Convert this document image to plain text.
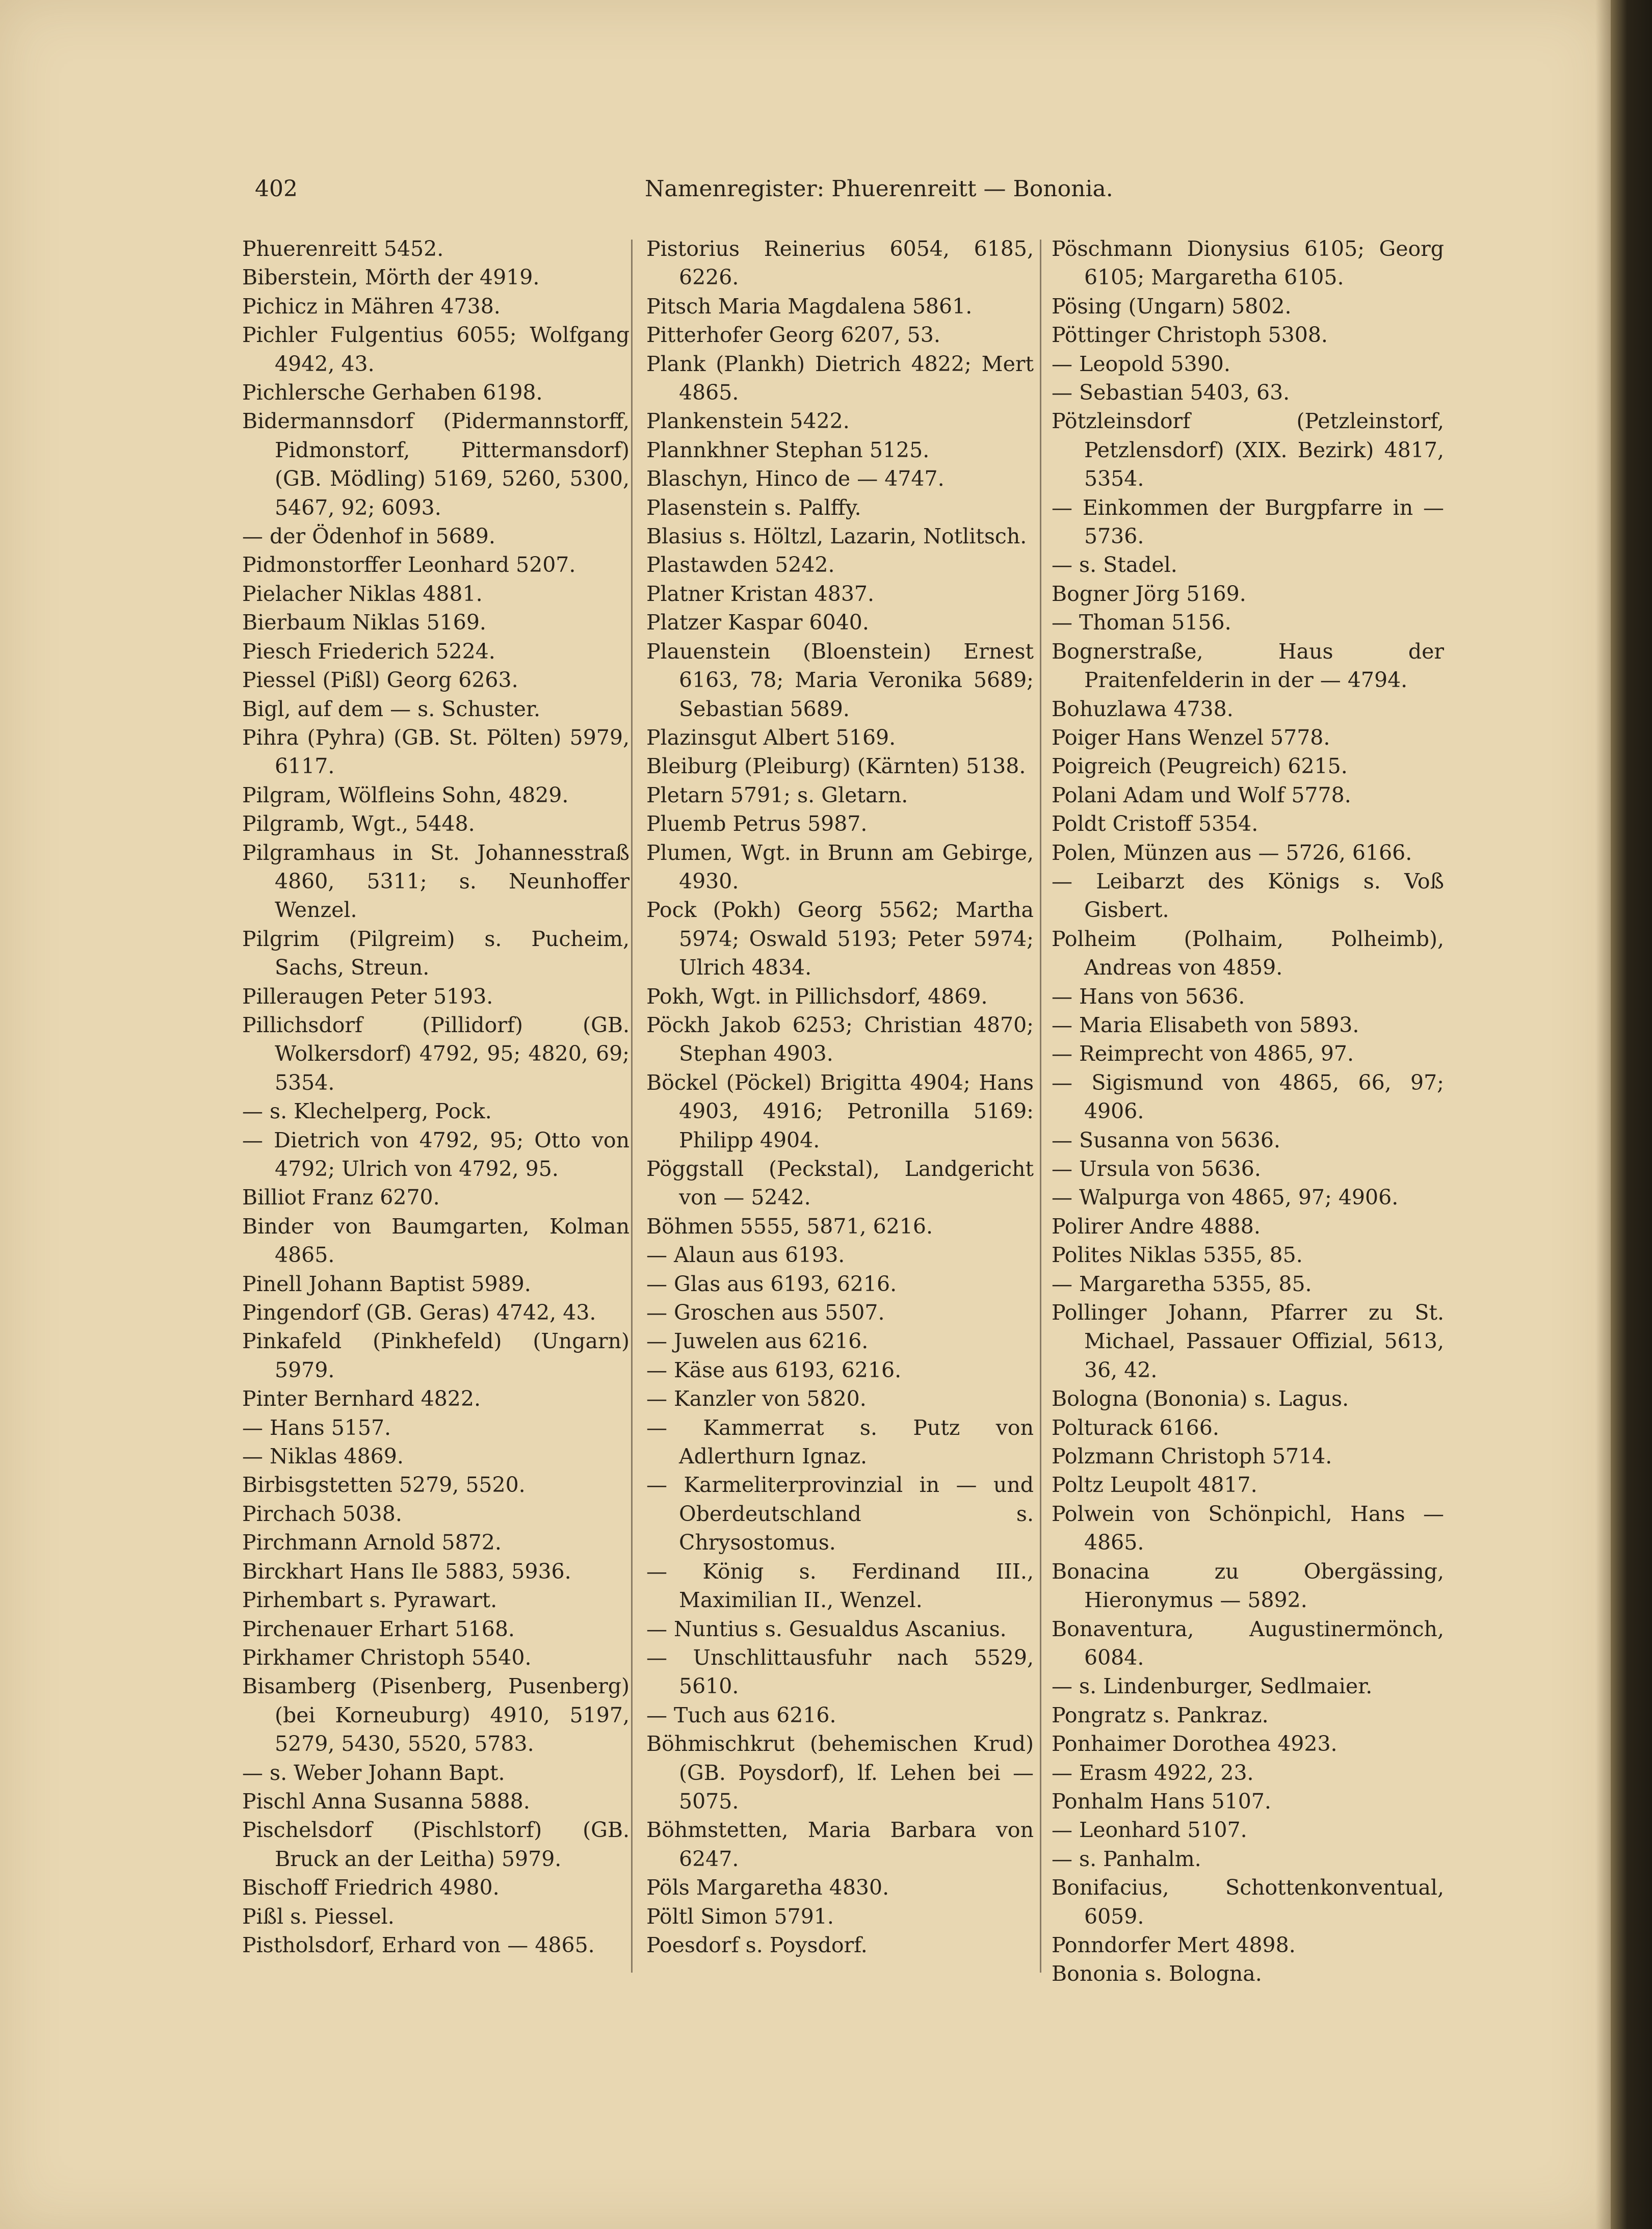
402	Namenregister: Phuerenreitt — Bononia.

Phuerenreitt 5452.

Biberstein, Mörth der 4919.

Pichicz in Mähren 4738.

Pichler Fulgentius 6055; Wolfgang 4942, 43.

Pichlersche Gerhaben 6198.

Bidermannsdorf (Pidermannstorff, Pidmonstorf, Pittermansdorf) (GB. Mödling) 5169, 5260, 5300, 5467, 92; 6093.

— der Ödenhof in 5689.

Pidmonstorffer Leonhard 5207.

Pielacher Niklas 4881.

Bierbaum Niklas 5169.

Piesch Friederich 5224.

Piessel (Pißl) Georg 6263.

Bigl, auf dem — s. Schuster.

Pihra (Pyhra) (GB. St. Pölten) 5979, 6117.

Pilgram, Wölfleins Sohn, 4829.

Pilgramb, Wgt., 5448.

Pilgramhaus in St. Johannesstraß 4860, 5311; s. Neunhoffer Wenzel.

Pilgrim (Pilgreim) s. Pucheim, Sachs, Streun.

Pilleraugen Peter 5193.

Pillichsdorf (Pillidorf) (GB. Wolkersdorf) 4792, 95; 4820, 69; 5354.

— s. Klechelperg, Pock.

— Dietrich von 4792, 95; Otto von 4792; Ulrich von 4792, 95.

Billiot Franz 6270.

Binder von Baumgarten, Kolman 4865.

Pinell Johann Baptist 5989.

Pingendorf (GB. Geras) 4742, 43.

Pinkafeld (Pinkhefeld) (Ungarn) 5979.

Pinter Bernhard 4822.

— Hans 5157.

— Niklas 4869.

Birbisgstetten 5279, 5520.

Pirchach 5038.

Pirchmann Arnold 5872.

Birckhart Hans Ile 5883, 5936.

Pirhembart s. Pyrawart.

Pirchenauer Erhart 5168.

Pirkhamer Christoph 5540.

Bisamberg (Pisenberg, Pusenberg) (bei Korneuburg) 4910, 5197, 5279, 5430, 5520, 5783.

— s. Weber Johann Bapt.

Pischl Anna Susanna 5888.

Pischelsdorf (Pischlstorf) (GB. Bruck an der Leitha) 5979.

Bischoff Friedrich 4980.

Pißl s. Piessel.

Pistholsdorf, Erhard von — 4865.

Pistorius Reinerius 6054, 6185, 6226.

Pitsch Maria Magdalena 5861.

Pitterhofer Georg 6207, 53.

Plank (Plankh) Dietrich 4822; Mert 4865.

Plankenstein 5422.

Plannkhner Stephan 5125.

Blaschyn, Hinco de — 4747.

Plasenstein s. Palffy.

Blasius s. Höltzl, Lazarin, Notlitsch.

Plastawden 5242.

Platner Kristan 4837.

Platzer Kaspar 6040.

Plauenstein (Bloenstein) Ernest 6163, 78; Maria Veronika 5689; Sebastian 5689.

Plazinsgut Albert 5169.

Bleiburg (Pleiburg) (Kärnten) 5138.

Pletarn 5791; s. Gletarn.

Pluemb Petrus 5987.

Plumen, Wgt. in Brunn am Gebirge, 4930.

Pock (Pokh) Georg 5562; Martha 5974; Oswald 5193; Peter 5974; Ulrich 4834.

Pokh, Wgt. in Pillichsdorf, 4869.

Pöckh Jakob 6253; Christian 4870; Stephan 4903.

Böckel (Pöckel) Brigitta 4904; Hans 4903, 4916; Petronilla 5169: Philipp 4904.

Pöggstall (Peckstal), Landgericht von — 5242.

Böhmen 5555, 5871, 6216.

— Alaun aus 6193.

— Glas aus 6193, 6216.

— Groschen aus 5507.

— Juwelen aus 6216.

— Käse aus 6193, 6216.

— Kanzler von 5820.

— Kammerrat s. Putz von Adlerthurn Ignaz.

— Karmeliterprovinzial in — und Oberdeutschland s. Chrysostomus.

— König s. Ferdinand III., Maximilian II., Wenzel.

— Nuntius s. Gesualdus Ascanius.

— Unschlittausfuhr nach 5529, 5610.

— Tuch aus 6216.

Böhmischkrut (behemischen Krud) (GB. Poysdorf), lf. Lehen bei — 5075.

Böhmstetten, Maria Barbara von 6247.

Pöls Margaretha 4830.

Pöltl Simon 5791.

Poesdorf s. Poysdorf.

Pöschmann Dionysius 6105; Georg 6105; Margaretha 6105.

Pösing (Ungarn) 5802.

Pöttinger Christoph 5308.

— Leopold 5390.

— Sebastian 5403, 63.

Pötzleinsdorf (Petzleinstorf, Petzlensdorf) (XIX. Bezirk) 4817, 5354.

— Einkommen der Burgpfarre in — 5736.

— s. Stadel.

Bogner Jörg 5169.

— Thoman 5156.

Bognerstraße, Haus der Praitenfelderin in der — 4794.

Bohuzlawa 4738.

Poiger Hans Wenzel 5778.

Poigreich (Peugreich) 6215.

Polani Adam und Wolf 5778.

Poldt Cristoff 5354.

Polen, Münzen aus — 5726, 6166.

— Leibarzt des Königs s. Voß Gisbert.

Polheim (Polhaim, Polheimb), Andreas von 4859.

— Hans von 5636.

— Maria Elisabeth von 5893.

— Reimprecht von 4865, 97.

— Sigismund von 4865, 66, 97; 4906.

— Susanna von 5636.

— Ursula von 5636.

— Walpurga von 4865, 97; 4906.

Polirer Andre 4888.

Polites Niklas 5355, 85.

— Margaretha 5355, 85.

Pollinger Johann, Pfarrer zu St. Michael, Passauer Offizial, 5613, 36, 42.

Bologna (Bononia) s. Lagus.

Polturack 6166.

Polzmann Christoph 5714.

Poltz Leupolt 4817.

Polwein von Schönpichl, Hans — 4865.

Bonacina zu Obergässing, Hieronymus — 5892.

Bonaventura, Augustinermönch, 6084.

— s. Lindenburger, Sedlmaier.

Pongratz s. Pankraz.

Ponhaimer Dorothea 4923.

— Erasm 4922, 23.

Ponhalm Hans 5107.

— Leonhard 5107.

— s. Panhalm.

Bonifacius, Schottenkonventual, 6059.

Ponndorfer Mert 4898.

Bononia s. Bologna.
